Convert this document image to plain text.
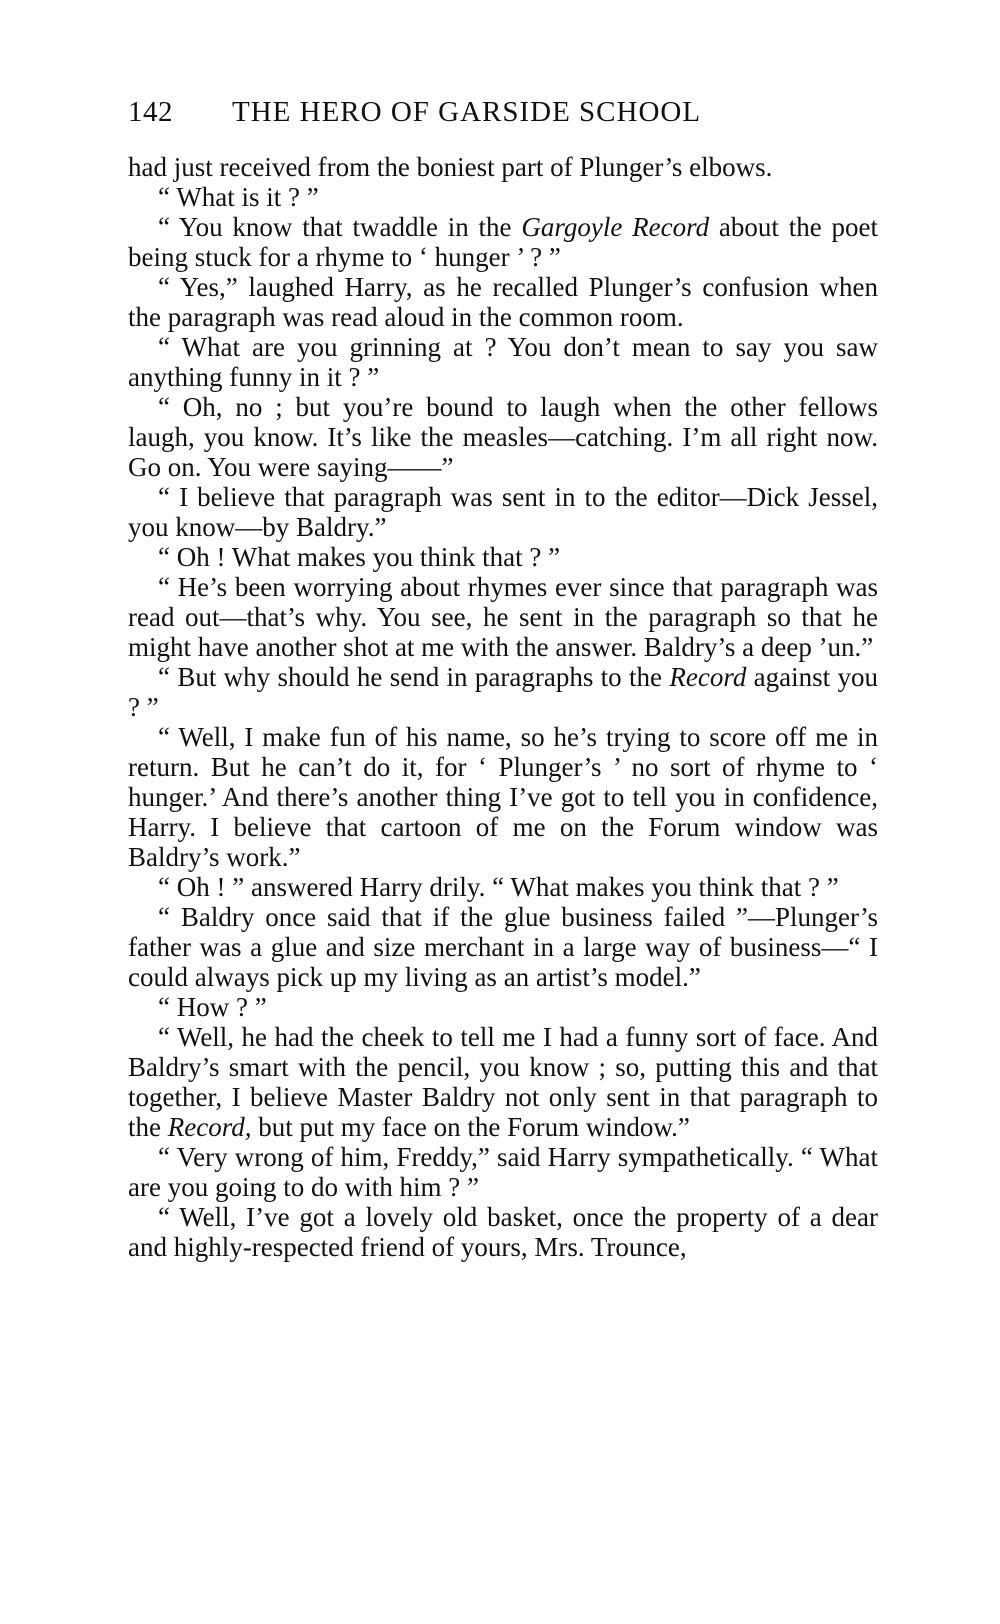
142	THE HERO OF GARSIDE SCHOOL

had just received from the boniest part of Plunger’s elbows.

“ What is it ? ”

“ You know that twaddle in the Gargoyle Record about the poet being stuck for a rhyme to ‘ hunger ’ ? ”

“ Yes,” laughed Harry, as he recalled Plunger’s confusion when the paragraph was read aloud in the common room.

“ What are you grinning at ? You don’t mean to say you saw anything funny in it ? ”

“ Oh, no ; but you’re bound to laugh when the other fellows laugh, you know. It’s like the measles—catching. I’m all right now. Go on. You were saying——”

“ I believe that paragraph was sent in to the editor—Dick Jessel, you know—by Baldry.”

“ Oh ! What makes you think that ? ”

“ He’s been worrying about rhymes ever since that paragraph was read out—that’s why. You see, he sent in the paragraph so that he might have another shot at me with the answer. Baldry’s a deep ’un.”

“ But why should he send in paragraphs to the Record against you ? ”

“ Well, I make fun of his name, so he’s trying to score off me in return. But he can’t do it, for ‘ Plunger’s ’ no sort of rhyme to ‘ hunger.’ And there’s another thing I’ve got to tell you in confidence, Harry. I believe that cartoon of me on the Forum window was Baldry’s work.”

“ Oh ! ” answered Harry drily. “ What makes you think that ? ”

“ Baldry once said that if the glue business failed ”—Plunger’s father was a glue and size merchant in a large way of business—“ I could always pick up my living as an artist’s model.”

“ How ? ”

“ Well, he had the cheek to tell me I had a funny sort of face. And Baldry’s smart with the pencil, you know ; so, putting this and that together, I believe Master Baldry not only sent in that paragraph to the Record, but put my face on the Forum window.”

“ Very wrong of him, Freddy,” said Harry sympathetically. “ What are you going to do with him ? ”

“ Well, I’ve got a lovely old basket, once the property of a dear and highly-respected friend of yours, Mrs. Trounce,
